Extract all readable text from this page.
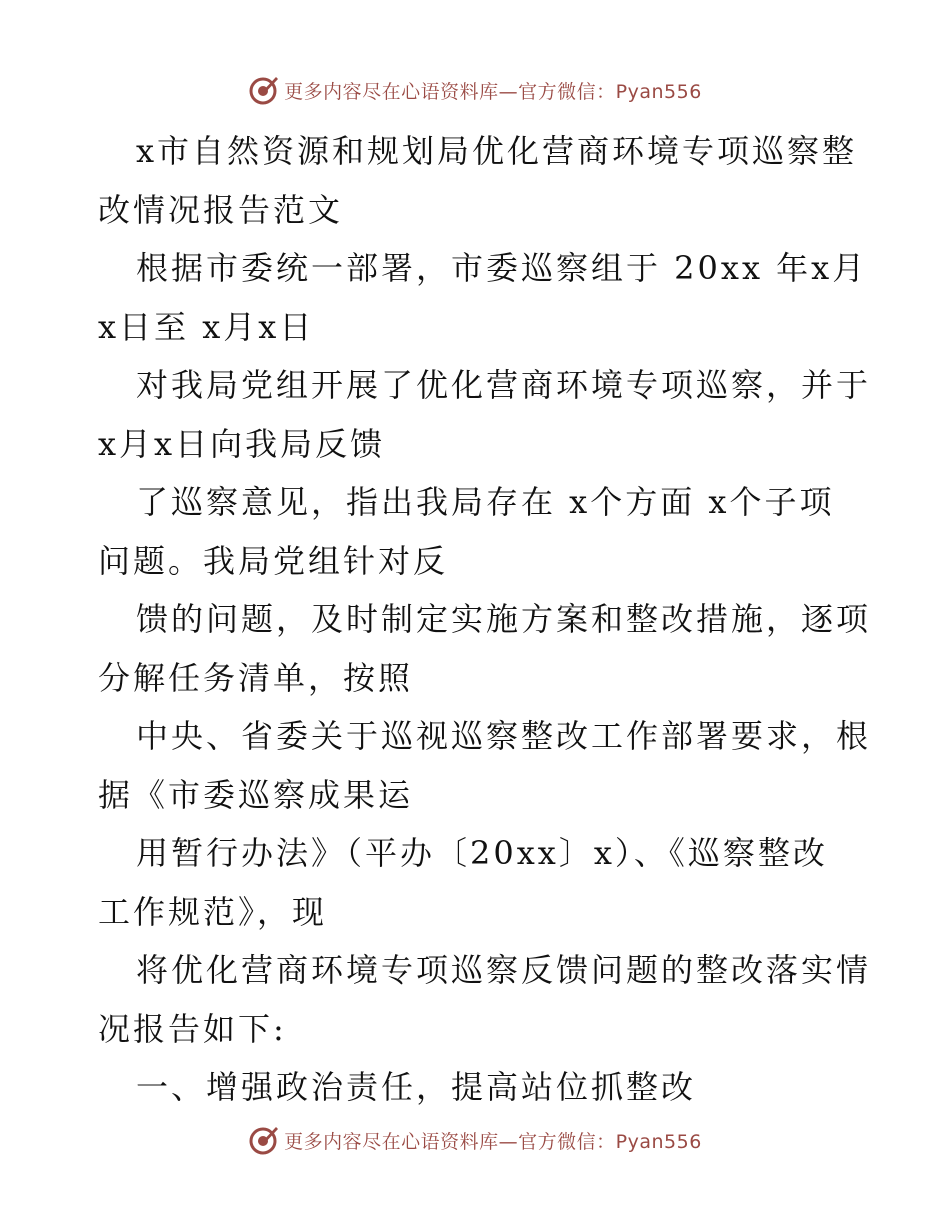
更多内容尽在心语资料库—官方微信：Pyan556
x市自然资源和规划局优化营商环境专项巡察整
改情况报告范文
根据市委统一部署，市委巡察组于 20xx 年x月
x日至 x月x日
对我局党组开展了优化营商环境专项巡察，并于
x月x日向我局反馈
了巡察意见，指出我局存在 x个方面 x个子项
问题。我局党组针对反
馈的问题，及时制定实施方案和整改措施，逐项
分解任务清单，按照
中央、省委关于巡视巡察整改工作部署要求，根
据《市委巡察成果运
用暂行办法》（平办〔20xx〕x）、《巡察整改
工作规范》，现
将优化营商环境专项巡察反馈问题的整改落实情
况报告如下:
一、增强政治责任，提高站位抓整改
更多内容尽在心语资料库—官方微信：Pyan556
